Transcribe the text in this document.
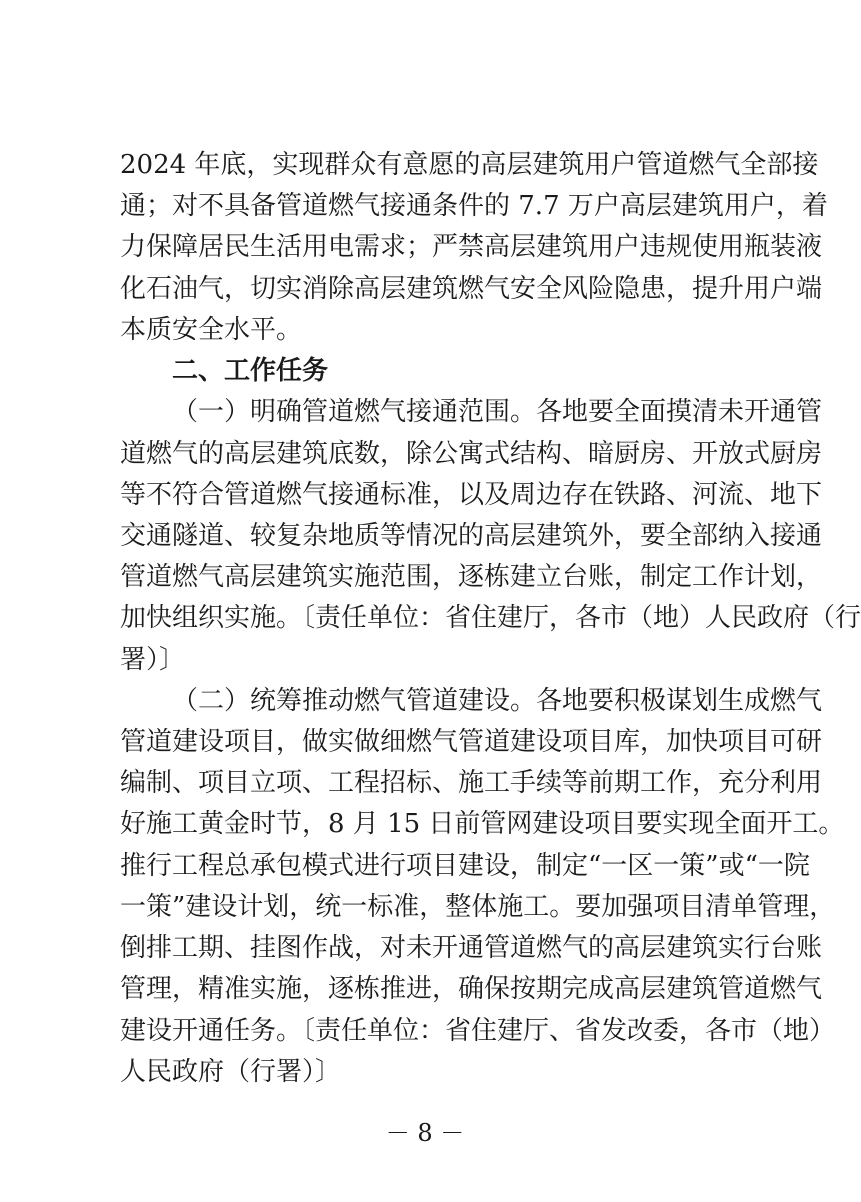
2024 年底，实现群众有意愿的高层建筑用户管道燃气全部接
通；对不具备管道燃气接通条件的 7.7 万户高层建筑用户，着
力保障居民生活用电需求；严禁高层建筑用户违规使用瓶装液
化石油气，切实消除高层建筑燃气安全风险隐患，提升用户端
本质安全水平。
二、工作任务
（一）明确管道燃气接通范围。各地要全面摸清未开通管
道燃气的高层建筑底数，除公寓式结构、暗厨房、开放式厨房
等不符合管道燃气接通标准，以及周边存在铁路、河流、地下
交通隧道、较复杂地质等情况的高层建筑外，要全部纳入接通
管道燃气高层建筑实施范围，逐栋建立台账，制定工作计划，
加快组织实施。〔责任单位：省住建厅，各市（地）人民政府（行
署）〕
（二）统筹推动燃气管道建设。各地要积极谋划生成燃气
管道建设项目，做实做细燃气管道建设项目库，加快项目可研
编制、项目立项、工程招标、施工手续等前期工作，充分利用
好施工黄金时节，8 月 15 日前管网建设项目要实现全面开工。
推行工程总承包模式进行项目建设，制定“一区一策”或“一院
一策”建设计划，统一标准，整体施工。要加强项目清单管理，
倒排工期、挂图作战，对未开通管道燃气的高层建筑实行台账
管理，精准实施，逐栋推进，确保按期完成高层建筑管道燃气
建设开通任务。〔责任单位：省住建厅、省发改委，各市（地）
人民政府（行署）〕
－ 8 －
